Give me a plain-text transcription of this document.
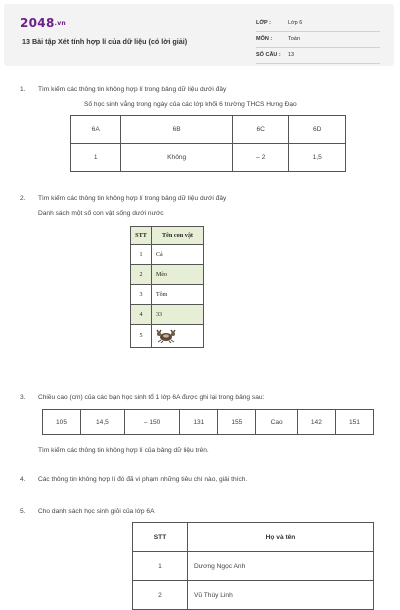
2048.vn
13 Bài tập Xét tính hợp lí của dữ liệu (có lời giải)
LỚP :	Lớp 6
MÔN :	Toán
SỐ CÂU : 13
1. Tìm kiếm các thông tin không hợp lí trong bảng dữ liệu dưới đây
Số học sinh vắng trong ngày của các lớp khối 6 trường THCS Hưng Đạo
6A	6B	6C	6D
1	Không	– 2	1,5
2. Tìm kiếm các thông tin không hợp lí trong bảng dữ liệu dưới đây
Danh sách một số con vật sống dưới nước
STT	Tên con vật
1	Cá
2	Mèo
3	Tôm
4	33
5	
3. Chiều cao (cm) của các bạn học sinh tổ 1 lớp 6A được ghi lại trong bảng sau:
105	14,5	– 150	131	155	Cao	142	151
Tìm kiếm các thông tin không hợp lí của bảng dữ liệu trên.
4. Các thông tin không hợp lí đó đã vi phạm những tiêu chí nào, giải thích.
5. Cho danh sách học sinh giỏi của lớp 6A
STT	Họ và tên
1	Dương Ngọc Anh
2	Vũ Thùy Linh
